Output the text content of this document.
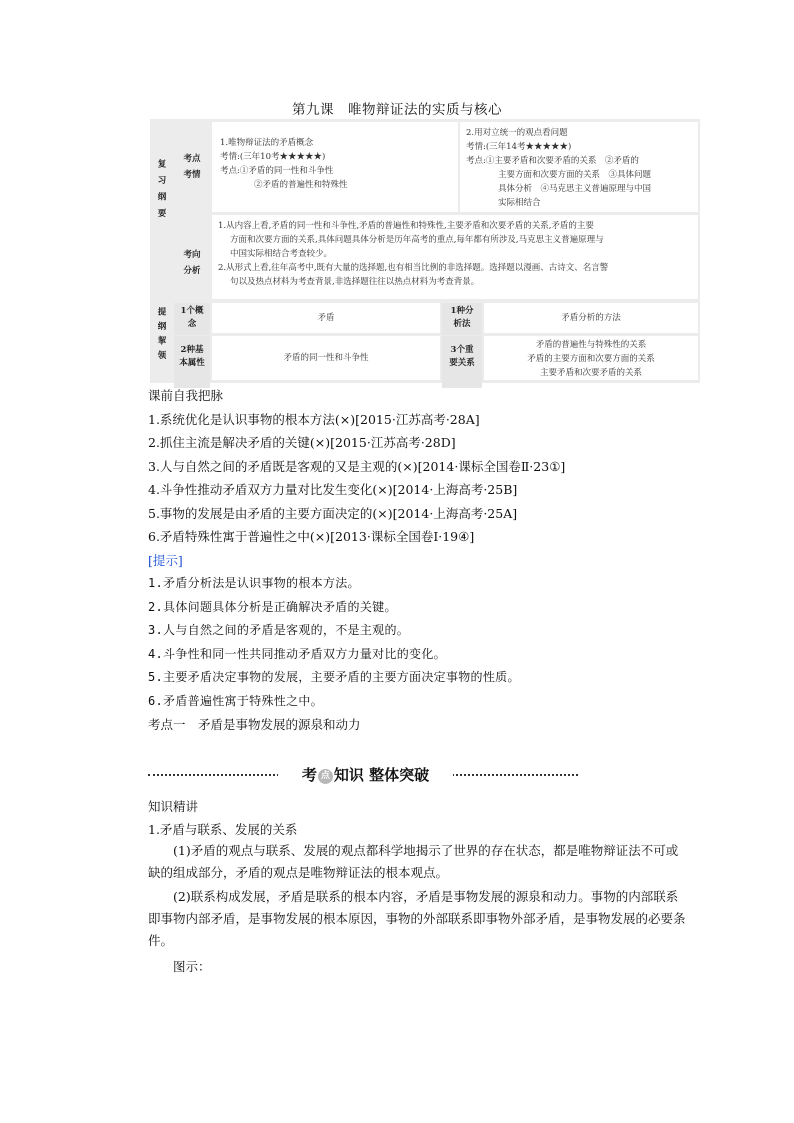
第九课　唯物辩证法的实质与核心
复习纲要
提纲挈领
考点考情
1.唯物辩证法的矛盾概念
考情:(三年10考★★★★★)
考点:①矛盾的同一性和斗争性
②矛盾的普遍性和特殊性
2.用对立统一的观点看问题
考情:(三年14考★★★★★)
考点:①主要矛盾和次要矛盾的关系　②矛盾的
主要方面和次要方面的关系　③具体问题
具体分析　④马克思主义普遍原理与中国
实际相结合
考向分析
1.从内容上看,矛盾的同一性和斗争性,矛盾的普遍性和特殊性,主要矛盾和次要矛盾的关系,矛盾的主要
方面和次要方面的关系,具体问题具体分析是历年高考的重点,每年都有所涉及,马克思主义普遍原理与
中国实际相结合考查较少。
2.从形式上看,往年高考中,既有大量的选择题,也有相当比例的非选择题。选择题以漫画、古诗文、名言警
句以及热点材料为考查背景,非选择题往往以热点材料为考查背景。
1个概念
矛盾
1种分析法
矛盾分析的方法
2种基本属性	矛盾的同一性和斗争性
3个重要关系
矛盾的普遍性与特殊性的关系
矛盾的主要方面和次要方面的关系
主要矛盾和次要矛盾的关系
课前自我把脉
1.系统优化是认识事物的根本方法(×)[2015·江苏高考·28A]
2.抓住主流是解决矛盾的关键(×)[2015·江苏高考·28D]
3.人与自然之间的矛盾既是客观的又是主观的(×)[2014·课标全国卷Ⅱ·23①]
4.斗争性推动矛盾双方力量对比发生变化(×)[2014·上海高考·25B]
5.事物的发展是由矛盾的主要方面决定的(×)[2014·上海高考·25A]
6.矛盾特殊性寓于普遍性之中(×)[2013·课标全国卷Ⅰ·19④]
[提示]
1.矛盾分析法是认识事物的根本方法。
2.具体问题具体分析是正确解决矛盾的关键。
3.人与自然之间的矛盾是客观的，不是主观的。
4.斗争性和同一性共同推动矛盾双方力量对比的变化。
5.主要矛盾决定事物的发展，主要矛盾的主要方面决定事物的性质。
6.矛盾普遍性寓于特殊性之中。
考点一　矛盾是事物发展的源泉和动力
考 点 知识 整体突破
知识精讲
1.矛盾与联系、发展的关系
(1)矛盾的观点与联系、发展的观点都科学地揭示了世界的存在状态，都是唯物辩证法不可或缺的组成部分，矛盾的观点是唯物辩证法的根本观点。
(2)联系构成发展，矛盾是联系的根本内容，矛盾是事物发展的源泉和动力。事物的内部联系即事物内部矛盾，是事物发展的根本原因，事物的外部联系即事物外部矛盾，是事物发展的必要条件。
图示：
